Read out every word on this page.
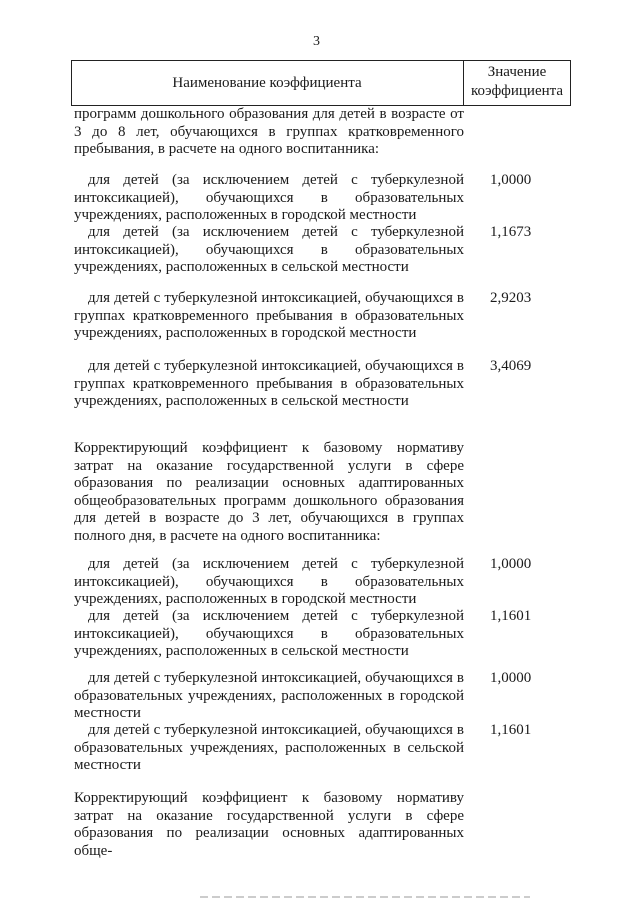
3
Наименование коэффициента
Значение
коэффициента
программ дошкольного образования для детей в возрасте от 3 до 8 лет, обучающихся в группах кратковременного пребывания, в расчете на одного воспитанника:
для детей (за исключением детей с туберкулезной интоксикацией), обучающихся в образовательных учреждениях, расположенных в городской местности
1,0000
для детей (за исключением детей с туберкулезной интоксикацией), обучающихся в образовательных учреждениях, расположенных в сельской местности
1,1673
для детей с туберкулезной интоксикацией, обучающихся в группах кратковременного пребывания в образовательных учреждениях, расположенных в городской местности
2,9203
для детей с туберкулезной интоксикацией, обучающихся в группах кратковременного пребывания в образовательных учреждениях, расположенных в сельской местности
3,4069
Корректирующий коэффициент к базовому нормативу затрат на оказание государственной услуги в сфере образования по реализации основных адаптированных общеобразовательных программ дошкольного образования для детей в возрасте до 3 лет, обучающихся в группах полного дня, в расчете на одного воспитанника:
для детей (за исключением детей с туберкулезной интоксикацией), обучающихся в образовательных учреждениях, расположенных в городской местности
1,0000
для детей (за исключением детей с туберкулезной интоксикацией), обучающихся в образовательных учреждениях, расположенных в сельской местности
1,1601
для детей с туберкулезной интоксикацией, обучающихся в образовательных учреждениях, расположенных в городской местности
1,0000
для детей с туберкулезной интоксикацией, обучающихся в образовательных учреждениях, расположенных в сельской местности
1,1601
Корректирующий коэффициент к базовому нормативу затрат на оказание государственной услуги в сфере образования по реализации основных адаптированных обще-
